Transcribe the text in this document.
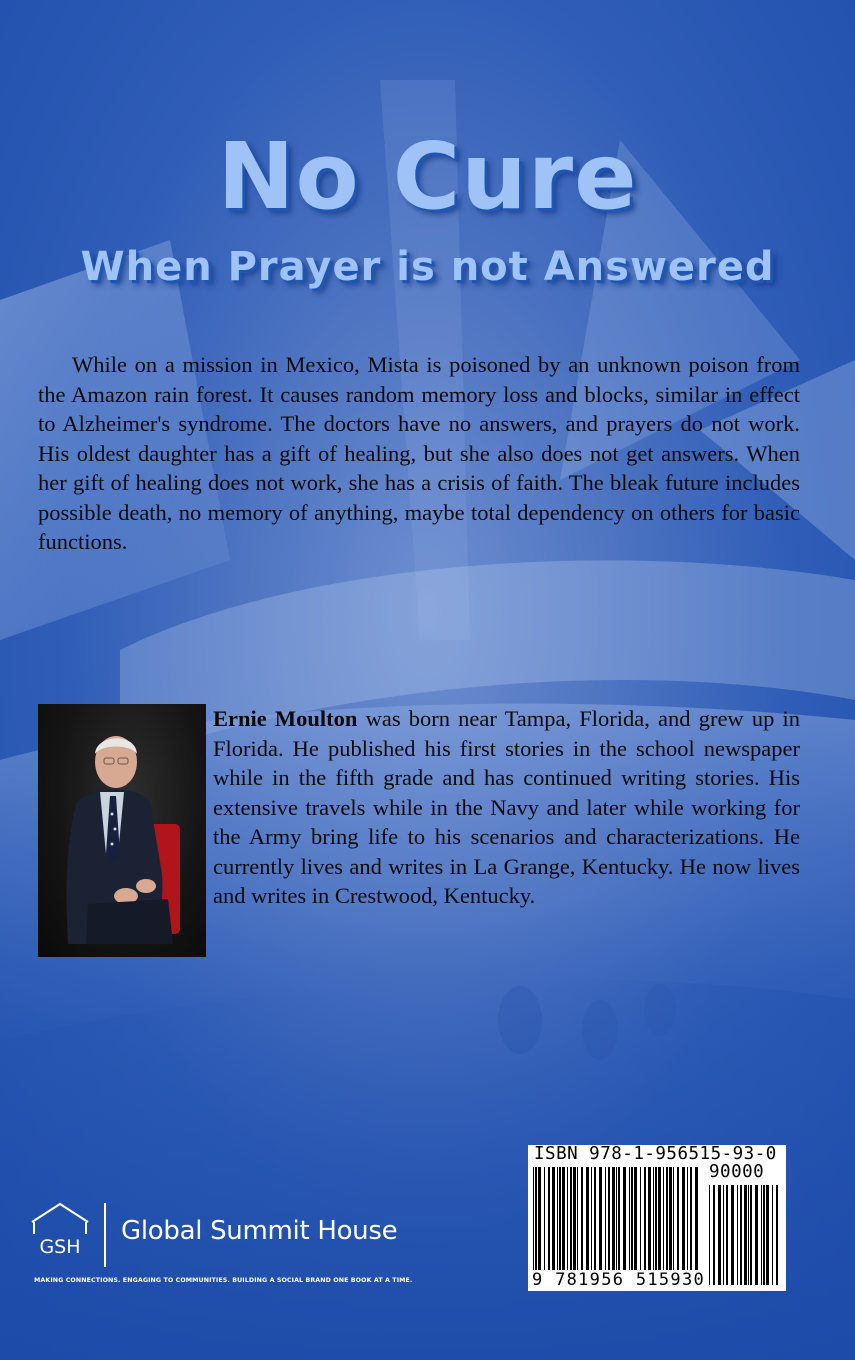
No Cure
When Prayer is not Answered

While on a mission in Mexico, Mista is poisoned by an unknown poison from the Amazon rain forest. It causes random memory loss and blocks, similar in effect to Alzheimer's syndrome. The doctors have no answers, and prayers do not work. His oldest daughter has a gift of healing, but she also does not get answers. When her gift of healing does not work, she has a crisis of faith. The bleak future includes possible death, no memory of anything, maybe total dependency on others for basic functions.

Ernie Moulton was born near Tampa, Florida, and grew up in Florida. He published his first stories in the school newspaper while in the fifth grade and has continued writing stories. His extensive travels while in the Navy and later while working for the Army bring life to his scenarios and characterizations. He currently lives and writes in La Grange, Kentucky. He now lives and writes in Crestwood, Kentucky.

GSH
Global Summit House
MAKING CONNECTIONS. ENGAGING TO COMMUNITIES. BUILDING A SOCIAL BRAND ONE BOOK AT A TIME.
ISBN 978-1-956515-93-0
90000
9 781956 515930
